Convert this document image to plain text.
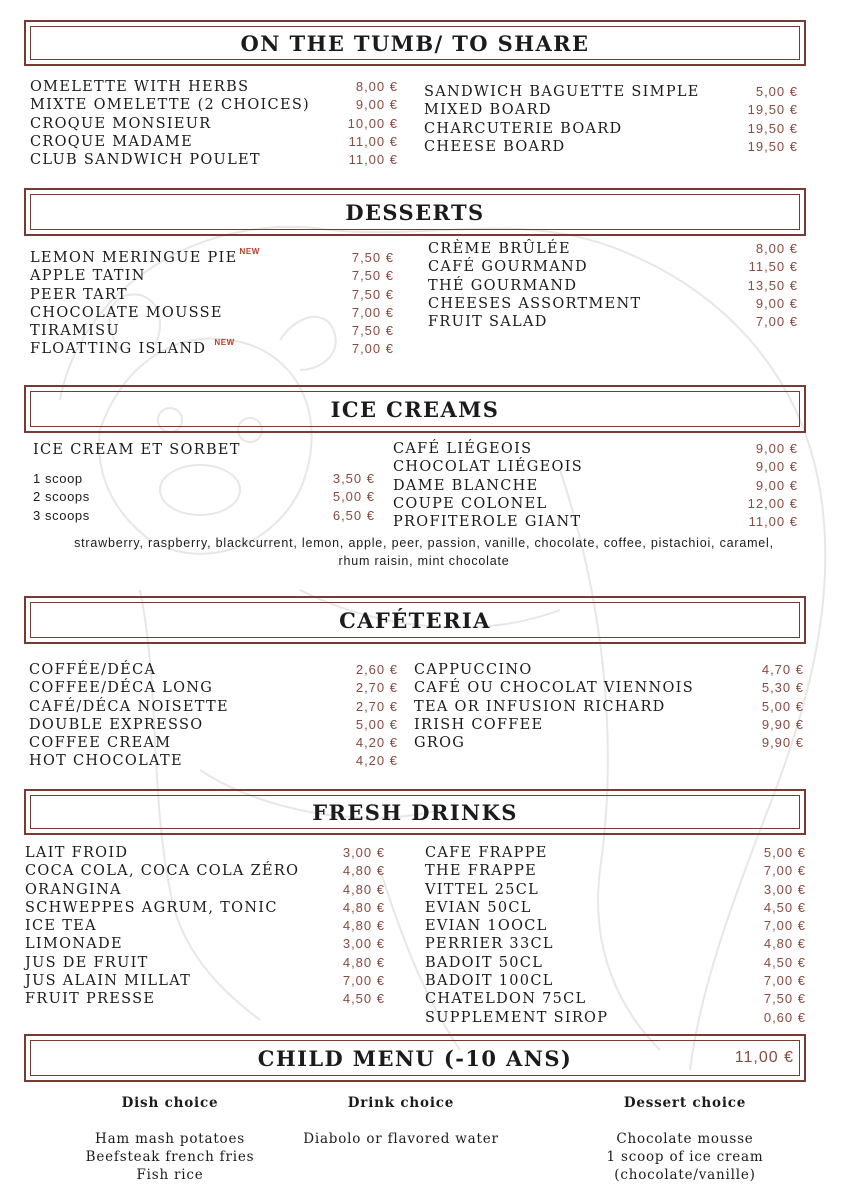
ON THE TUMB/ TO SHARE
OMELETTE WITH HERBS	8,00 €
MIXTE OMELETTE (2 CHOICES)	9,00 €
CROQUE MONSIEUR	10,00 €
CROQUE MADAME	11,00 €
CLUB SANDWICH POULET	11,00 €
SANDWICH BAGUETTE SIMPLE	5,00 €
MIXED BOARD	19,50 €
CHARCUTERIE BOARD	19,50 €
CHEESE BOARD	19,50 €
DESSERTS
LEMON MERINGUE PIE $^{NEW}$	7,50 €
APPLE TATIN	7,50 €
PEER TART	7,50 €
CHOCOLATE MOUSSE	7,00 €
TIRAMISU	7,50 €
FLOATTING ISLAND $^{NEW}$	7,00 €
CRÈME BRÛLÉE	8,00 €
CAFÉ GOURMAND	11,50 €
THÉ GOURMAND	13,50 €
CHEESES ASSORTMENT	9,00 €
FRUIT SALAD	7,00 €
ICE CREAMS
ICE CREAM ET SORBET
1 scoop	3,50 €
2 scoops	5,00 €
3 scoops	6,50 €
CAFÉ LIÉGEOIS	9,00 €
CHOCOLAT LIÉGEOIS	9,00 €
DAME BLANCHE	9,00 €
COUPE COLONEL	12,00 €
PROFITEROLE GIANT	11,00 €
strawberry, raspberry, blackcurrent, lemon, apple, peer, passion, vanille, chocolate, coffee, pistachioi, caramel,
rhum raisin, mint chocolate
CAFÉTERIA
COFFÉE/DÉCA	2,60 €
COFFEE/DÉCA LONG	2,70 €
CAFÉ/DÉCA NOISETTE	2,70 €
DOUBLE EXPRESSO	5,00 €
COFFEE CREAM	4,20 €
HOT CHOCOLATE	4,20 €
CAPPUCCINO	4,70 €
CAFÉ OU CHOCOLAT VIENNOIS	5,30 €
TEA OR INFUSION RICHARD	5,00 €
IRISH COFFEE	9,90 €
GROG	9,90 €
FRESH DRINKS
LAIT FROID	3,00 €
COCA COLA, COCA COLA ZÉRO	4,80 €
ORANGINA	4,80 €
SCHWEPPES AGRUM, TONIC	4,80 €
ICE TEA	4,80 €
LIMONADE	3,00 €
JUS DE FRUIT	4,80 €
JUS ALAIN MILLAT	7,00 €
FRUIT PRESSE	4,50 €
CAFE FRAPPE	5,00 €
THE FRAPPE	7,00 €
VITTEL 25CL	3,00 €
EVIAN 50CL	4,50 €
EVIAN 1OOCL	7,00 €
PERRIER 33CL	4,80 €
BADOIT 50CL	4,50 €
BADOIT 100CL	7,00 €
CHATELDON 75CL	7,50 €
SUPPLEMENT SIROP	0,60 €
CHILD MENU (-10 ANS)	11,00 €
Dish choice
Ham mash potatoes
Beefsteak french fries
Fish rice
Drink choice
Diabolo or flavored water
Dessert choice
Chocolate mousse
1 scoop of ice cream
(chocolate/vanille)
